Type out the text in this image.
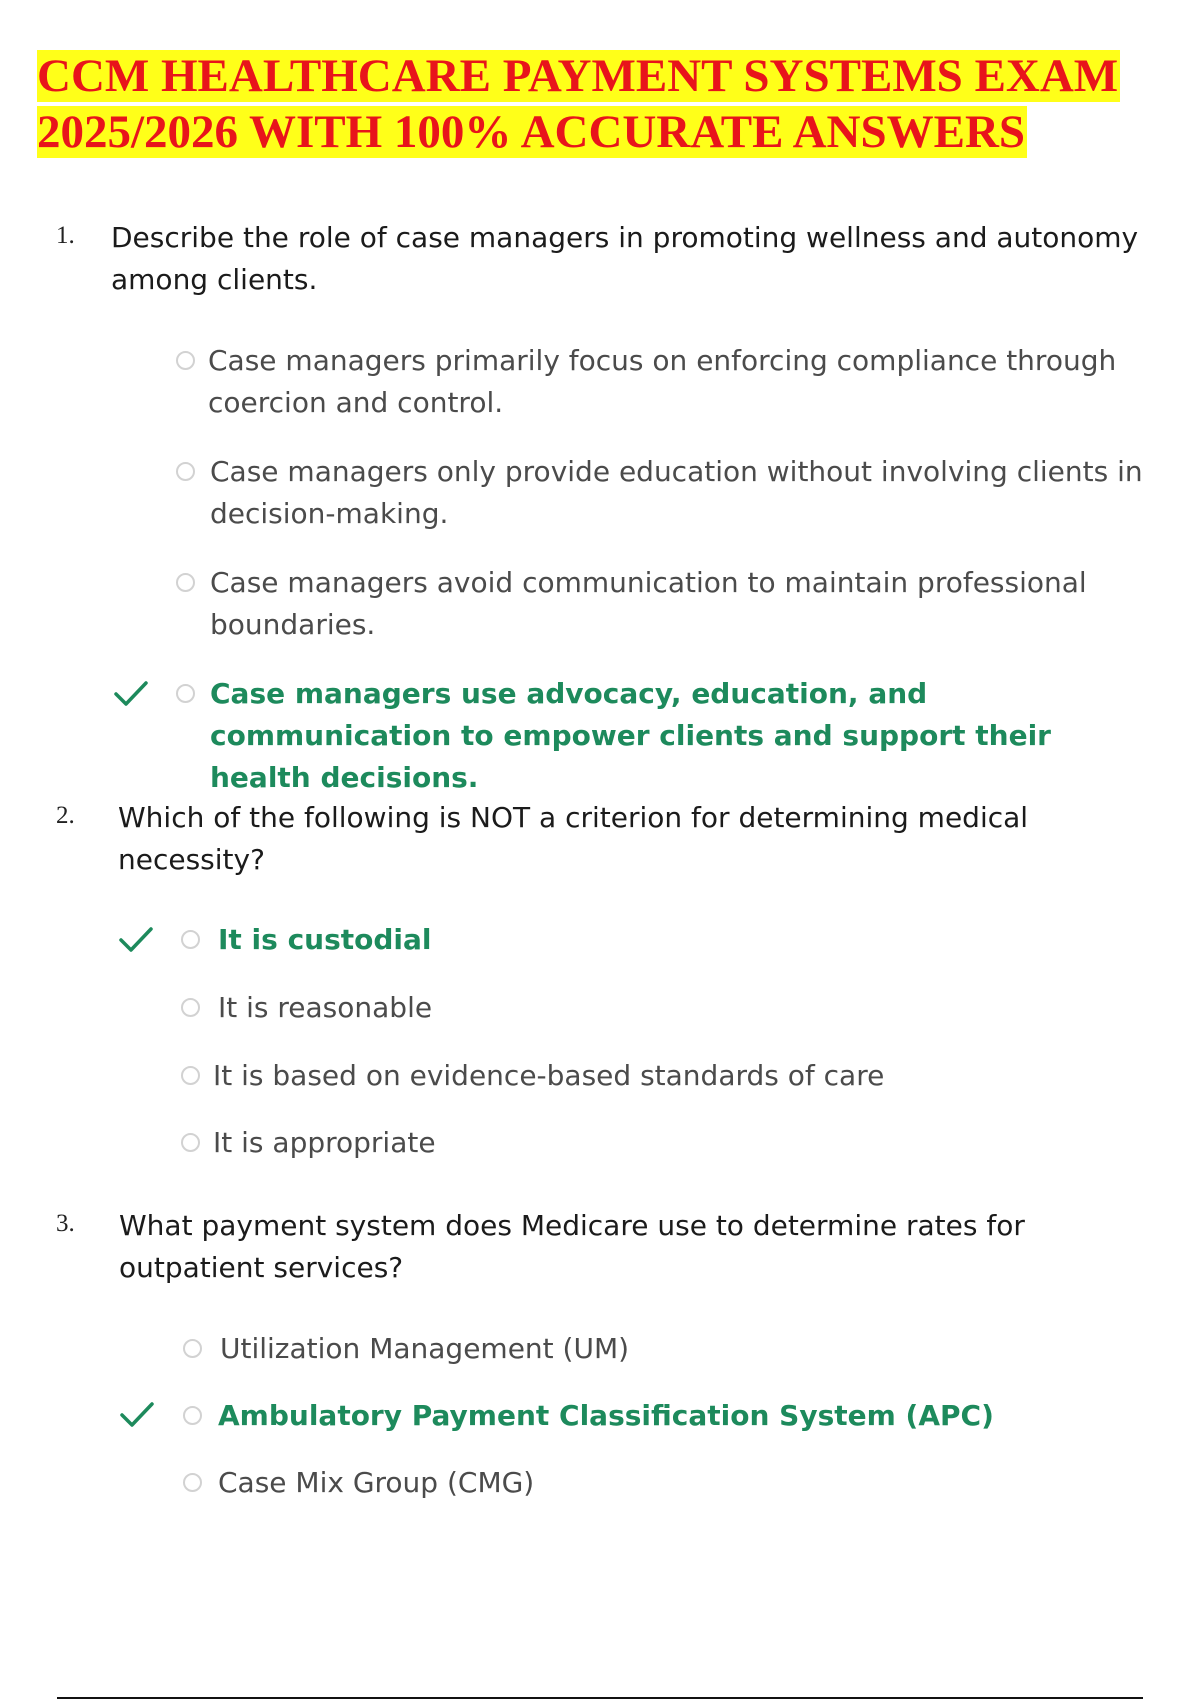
CCM HEALTHCARE PAYMENT SYSTEMS EXAM
2025/2026 WITH 100% ACCURATE ANSWERS
1. Describe the role of case managers in promoting wellness and autonomy among clients.
Case managers primarily focus on enforcing compliance through coercion and control.
Case managers only provide education without involving clients in decision-making.
Case managers avoid communication to maintain professional boundaries.
Case managers use advocacy, education, and communication to empower clients and support their health decisions.
2. Which of the following is NOT a criterion for determining medical necessity?
It is custodial
It is reasonable
It is based on evidence-based standards of care
It is appropriate
3. What payment system does Medicare use to determine rates for outpatient services?
Utilization Management (UM)
Ambulatory Payment Classification System (APC)
Case Mix Group (CMG)
